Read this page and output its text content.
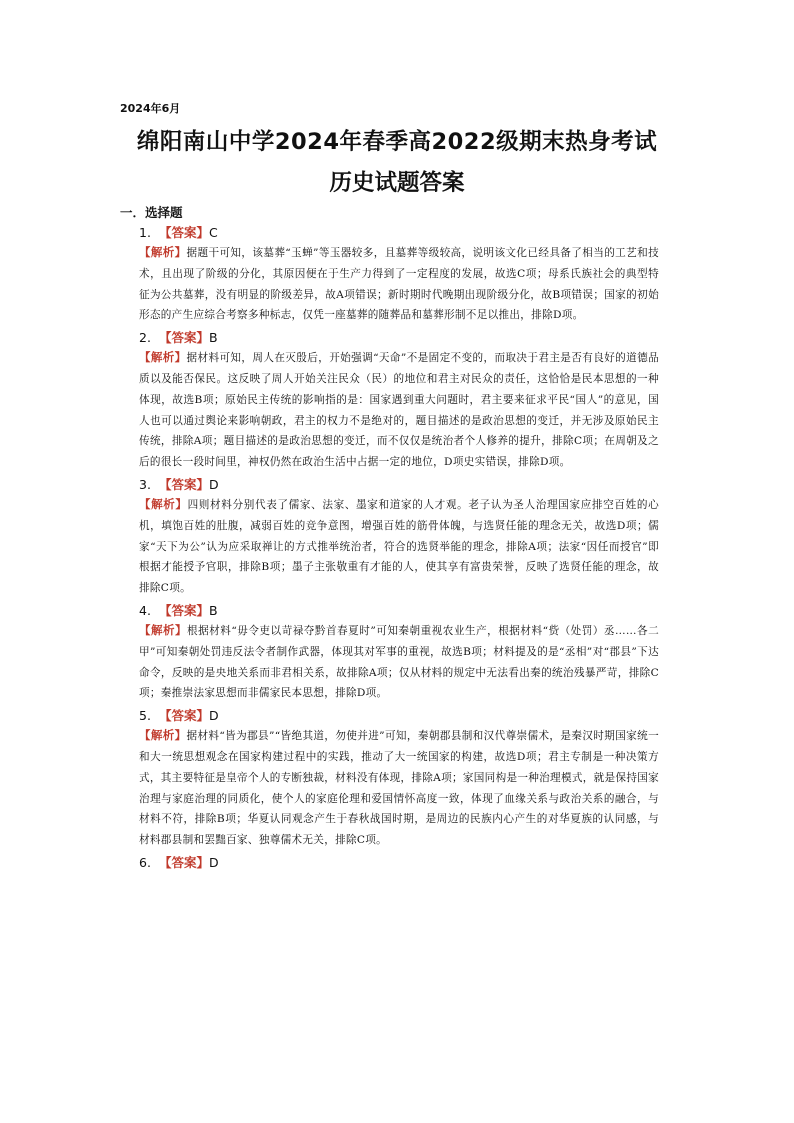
2024年6月
绵阳南山中学2024年春季高2022级期末热身考试
历史试题答案
一．选择题
1. 【答案】C
【解析】据题干可知，该墓葬“玉蝉”等玉器较多，且墓葬等级较高，说明该文化已经具备了相当的工艺和技术，且出现了阶级的分化，其原因便在于生产力得到了一定程度的发展，故选C项；母系氏族社会的典型特征为公共墓葬，没有明显的阶级差异，故A项错误；新时期时代晚期出现阶级分化，故B项错误；国家的初始形态的产生应综合考察多种标志，仅凭一座墓葬的随葬品和墓葬形制不足以推出，排除D项。
2. 【答案】B
【解析】据材料可知，周人在灭殷后，开始强调“天命”不是固定不变的，而取决于君主是否有良好的道德品质以及能否保民。这反映了周人开始关注民众（民）的地位和君主对民众的责任，这恰恰是民本思想的一种体现，故选B项；原始民主传统的影响指的是：国家遇到重大问题时，君主要来征求平民“国人”的意见，国人也可以通过舆论来影响朝政，君主的权力不是绝对的，题目描述的是政治思想的变迁，并无涉及原始民主传统，排除A项；题目描述的是政治思想的变迁，而不仅仅是统治者个人修养的提升，排除C项；在周朝及之后的很长一段时间里，神权仍然在政治生活中占据一定的地位，D项史实错误，排除D项。
3. 【答案】D
【解析】四则材料分别代表了儒家、法家、墨家和道家的人才观。老子认为圣人治理国家应排空百姓的心机，填饱百姓的肚腹，减弱百姓的竞争意图，增强百姓的筋骨体魄，与选贤任能的理念无关，故选D项；儒家“天下为公”认为应采取禅让的方式推举统治者，符合的选贤举能的理念，排除A项；法家“因任而授官”即根据才能授予官职，排除B项；墨子主张敬重有才能的人，使其享有富贵荣誉，反映了选贤任能的理念，故排除C项。
4. 【答案】B
【解析】根据材料“毋令吏以苛禄夺黔首春夏时”可知秦朝重视农业生产，根据材料“赀（处罚）丞……各二甲”可知秦朝处罚违反法令者制作武器，体现其对军事的重视，故选B项；材料提及的是“丞相”对“郡县”下达命令，反映的是央地关系而非君相关系，故排除A项；仅从材料的规定中无法看出秦的统治残暴严苛，排除C项；秦推崇法家思想而非儒家民本思想，排除D项。
5. 【答案】D
【解析】据材料“皆为郡县”“皆绝其道，勿使并进”可知，秦朝郡县制和汉代尊崇儒术，是秦汉时期国家统一和大一统思想观念在国家构建过程中的实践，推动了大一统国家的构建，故选D项；君主专制是一种决策方式，其主要特征是皇帝个人的专断独裁，材料没有体现，排除A项；家国同构是一种治理模式，就是保持国家治理与家庭治理的同质化，使个人的家庭伦理和爱国情怀高度一致，体现了血缘关系与政治关系的融合，与材料不符，排除B项；华夏认同观念产生于春秋战国时期，是周边的民族内心产生的对华夏族的认同感，与材料郡县制和罢黜百家、独尊儒术无关，排除C项。
6. 【答案】D
